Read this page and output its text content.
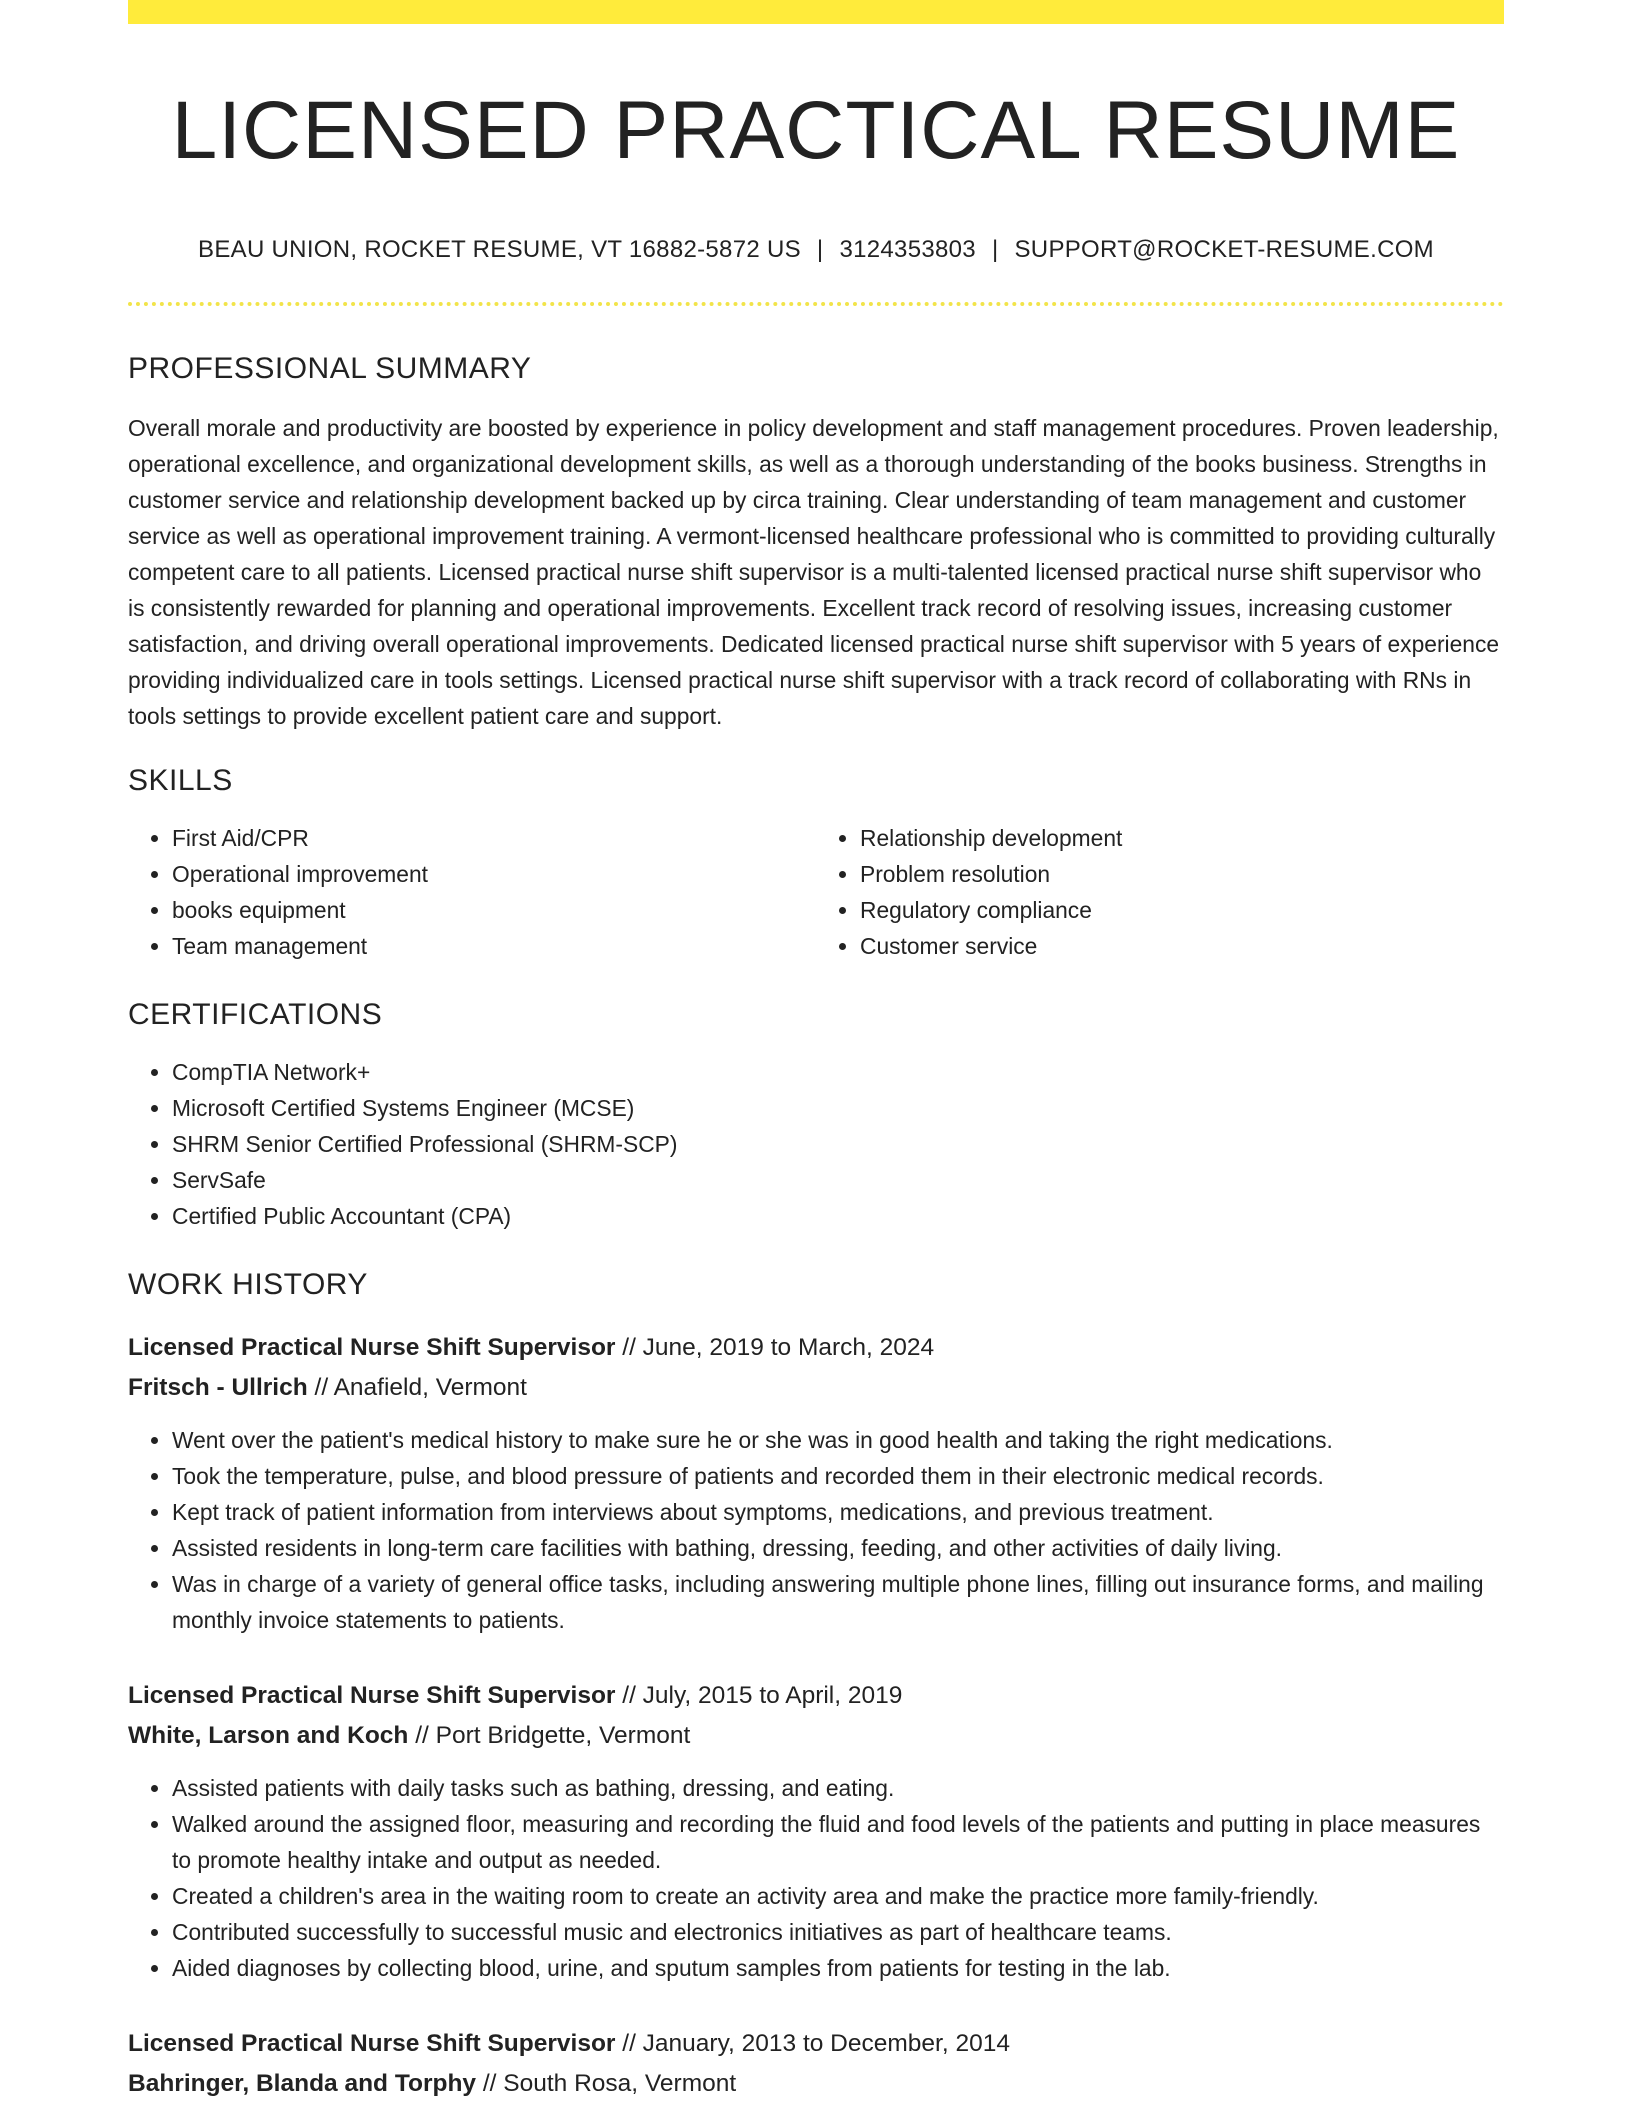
LICENSED PRACTICAL RESUME
BEAU UNION, ROCKET RESUME, VT 16882-5872 US | 3124353803 | SUPPORT@ROCKET-RESUME.COM
PROFESSIONAL SUMMARY

Overall morale and productivity are boosted by experience in policy development and staff management procedures. Proven leadership, operational excellence, and organizational development skills, as well as a thorough understanding of the books business. Strengths in customer service and relationship development backed up by circa training. Clear understanding of team management and customer service as well as operational improvement training. A vermont-licensed healthcare professional who is committed to providing culturally competent care to all patients. Licensed practical nurse shift supervisor is a multi-talented licensed practical nurse shift supervisor who is consistently rewarded for planning and operational improvements. Excellent track record of resolving issues, increasing customer satisfaction, and driving overall operational improvements. Dedicated licensed practical nurse shift supervisor with 5 years of experience providing individualized care in tools settings. Licensed practical nurse shift supervisor with a track record of collaborating with RNs in tools settings to provide excellent patient care and support.

SKILLS
• First Aid/CPR
• Operational improvement
• books equipment
• Team management
• Relationship development
• Problem resolution
• Regulatory compliance
• Customer service
CERTIFICATIONS
• CompTIA Network+
• Microsoft Certified Systems Engineer (MCSE)
• SHRM Senior Certified Professional (SHRM-SCP)
• ServSafe
• Certified Public Accountant (CPA)
WORK HISTORY
Licensed Practical Nurse Shift Supervisor // June, 2019 to March, 2024
Fritsch - Ullrich // Anafield, Vermont
• Went over the patient's medical history to make sure he or she was in good health and taking the right medications.
• Took the temperature, pulse, and blood pressure of patients and recorded them in their electronic medical records.
• Kept track of patient information from interviews about symptoms, medications, and previous treatment.
• Assisted residents in long-term care facilities with bathing, dressing, feeding, and other activities of daily living.
• Was in charge of a variety of general office tasks, including answering multiple phone lines, filling out insurance forms, and mailing monthly invoice statements to patients.
Licensed Practical Nurse Shift Supervisor // July, 2015 to April, 2019
White, Larson and Koch // Port Bridgette, Vermont
• Assisted patients with daily tasks such as bathing, dressing, and eating.
• Walked around the assigned floor, measuring and recording the fluid and food levels of the patients and putting in place measures to promote healthy intake and output as needed.
• Created a children's area in the waiting room to create an activity area and make the practice more family-friendly.
• Contributed successfully to successful music and electronics initiatives as part of healthcare teams.
• Aided diagnoses by collecting blood, urine, and sputum samples from patients for testing in the lab.
Licensed Practical Nurse Shift Supervisor // January, 2013 to December, 2014
Bahringer, Blanda and Torphy // South Rosa, Vermont
